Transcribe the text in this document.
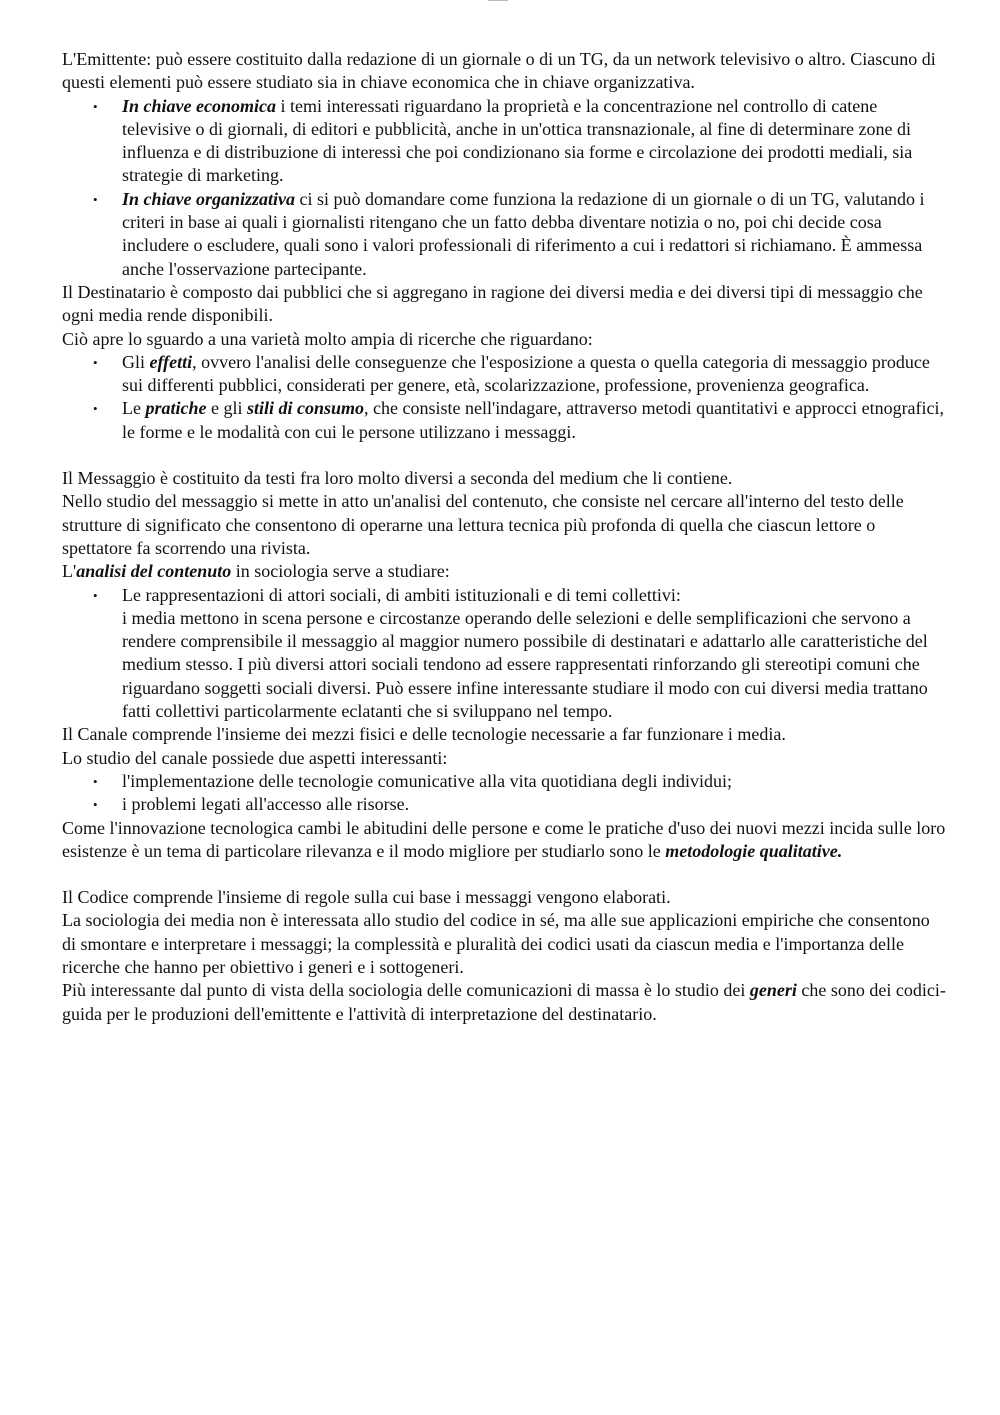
L'Emittente: può essere costituito dalla redazione di un giornale o di un TG, da un network televisivo o altro. Ciascuno di questi elementi può essere studiato sia in chiave economica che in chiave organizzativa.

• In chiave economica i temi interessati riguardano la proprietà e la concentrazione nel controllo di catene televisive o di giornali, di editori e pubblicità, anche in un'ottica transnazionale, al fine di determinare zone di influenza e di distribuzione di interessi che poi condizionano sia forme e circolazione dei prodotti mediali, sia strategie di marketing.
• In chiave organizzativa ci si può domandare come funziona la redazione di un giornale o di un TG, valutando i criteri in base ai quali i giornalisti ritengano che un fatto debba diventare notizia o no, poi chi decide cosa includere o escludere, quali sono i valori professionali di riferimento a cui i redattori si richiamano. È ammessa anche l'osservazione partecipante.

Il Destinatario è composto dai pubblici che si aggregano in ragione dei diversi media e dei diversi tipi di messaggio che ogni media rende disponibili.

Ciò apre lo sguardo a una varietà molto ampia di ricerche che riguardano:

• Gli effetti, ovvero l'analisi delle conseguenze che l'esposizione a questa o quella categoria di messaggio produce sui differenti pubblici, considerati per genere, età, scolarizzazione, professione, provenienza geografica.
• Le pratiche e gli stili di consumo, che consiste nell'indagare, attraverso metodi quantitativi e approcci etnografici, le forme e le modalità con cui le persone utilizzano i messaggi.

Il Messaggio è costituito da testi fra loro molto diversi a seconda del medium che li contiene.

Nello studio del messaggio si mette in atto un'analisi del contenuto, che consiste nel cercare all'interno del testo delle strutture di significato che consentono di operarne una lettura tecnica più profonda di quella che ciascun lettore o spettatore fa scorrendo una rivista.

L'analisi del contenuto in sociologia serve a studiare:

• Le rappresentazioni di attori sociali, di ambiti istituzionali e di temi collettivi:
i media mettono in scena persone e circostanze operando delle selezioni e delle semplificazioni che servono a rendere comprensibile il messaggio al maggior numero possibile di destinatari e adattarlo alle caratteristiche del medium stesso. I più diversi attori sociali tendono ad essere rappresentati rinforzando gli stereotipi comuni che riguardano soggetti sociali diversi. Può essere infine interessante studiare il modo con cui diversi media trattano fatti collettivi particolarmente eclatanti che si sviluppano nel tempo.

Il Canale comprende l'insieme dei mezzi fisici e delle tecnologie necessarie a far funzionare i media.

Lo studio del canale possiede due aspetti interessanti:

• l'implementazione delle tecnologie comunicative alla vita quotidiana degli individui;
• i problemi legati all'accesso alle risorse.

Come l'innovazione tecnologica cambi le abitudini delle persone e come le pratiche d'uso dei nuovi mezzi incida sulle loro esistenze è un tema di particolare rilevanza e il modo migliore per studiarlo sono le metodologie qualitative.

Il Codice comprende l'insieme di regole sulla cui base i messaggi vengono elaborati.

La sociologia dei media non è interessata allo studio del codice in sé, ma alle sue applicazioni empiriche che consentono di smontare e interpretare i messaggi; la complessità e pluralità dei codici usati da ciascun media e l'importanza delle ricerche che hanno per obiettivo i generi e i sottogeneri.

Più interessante dal punto di vista della sociologia delle comunicazioni di massa è lo studio dei generi che sono dei codici-guida per le produzioni dell'emittente e l'attività di interpretazione del destinatario.
